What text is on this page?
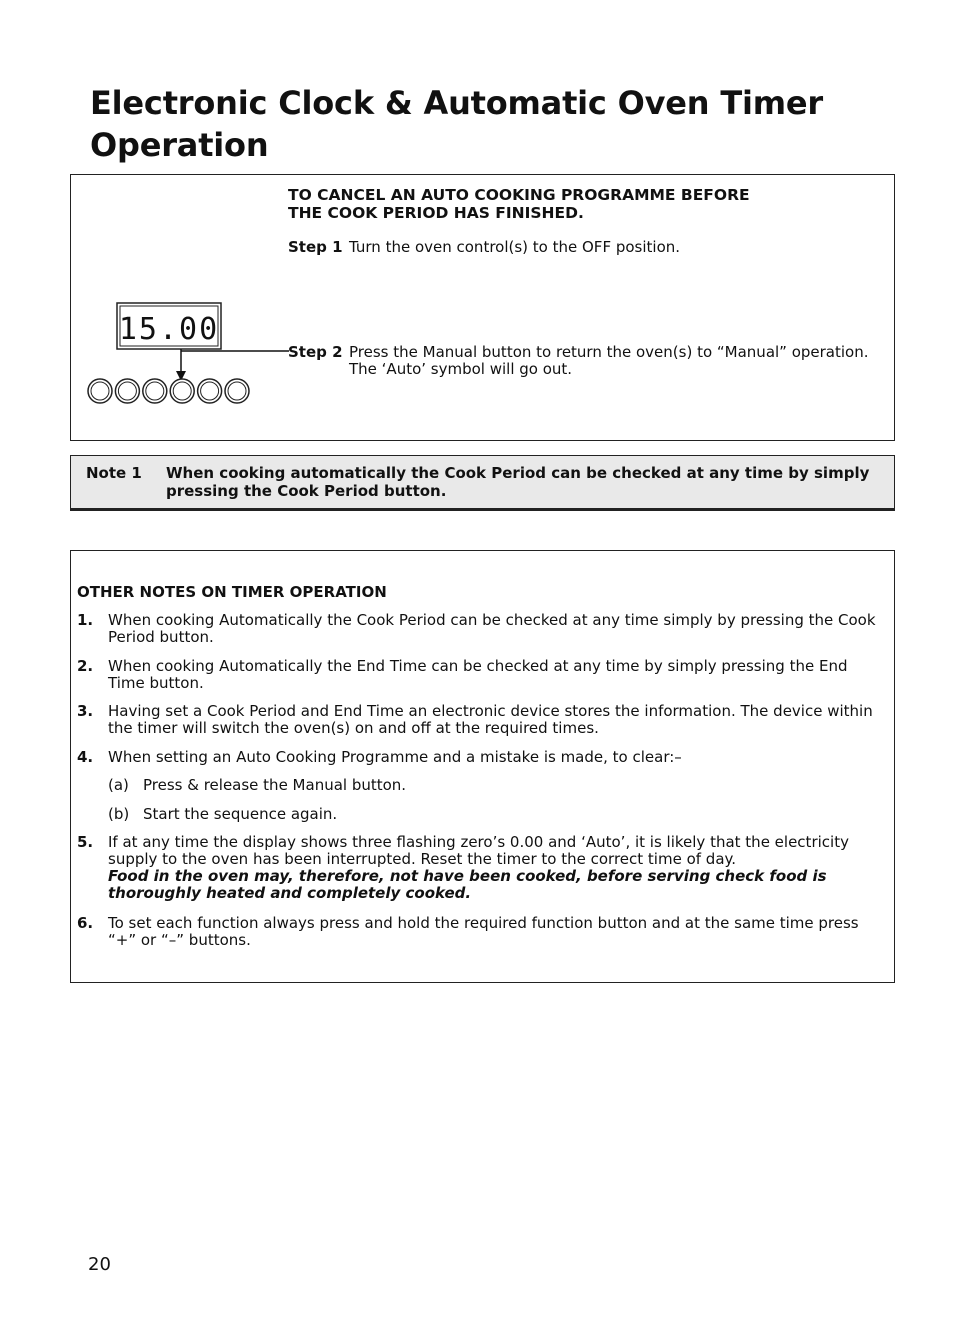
Electronic Clock & Automatic Oven Timer Operation
TO CANCEL AN AUTO COOKING PROGRAMME BEFORE
THE COOK PERIOD HAS FINISHED.
Step 1 Turn the oven control(s) to the OFF position.
Step 2 Press the Manual button to return the oven(s) to “Manual” operation. The ‘Auto’ symbol will go out.
15.00
Note 1 When cooking automatically the Cook Period can be checked at any time by simply pressing the Cook Period button.
OTHER NOTES ON TIMER OPERATION
1. When cooking Automatically the Cook Period can be checked at any time simply by pressing the Cook Period button.
2. When cooking Automatically the End Time can be checked at any time by simply pressing the End Time button.
3. Having set a Cook Period and End Time an electronic device stores the information. The device within the timer will switch the oven(s) on and off at the required times.
4. When setting an Auto Cooking Programme and a mistake is made, to clear:–
(a) Press & release the Manual button.
(b) Start the sequence again.
5. If at any time the display shows three flashing zero’s 0.00 and ‘Auto’, it is likely that the electricity supply to the oven has been interrupted. Reset the timer to the correct time of day.
Food in the oven may, therefore, not have been cooked, before serving check food is thoroughly heated and completely cooked.
6. To set each function always press and hold the required function button and at the same time press “+” or “–” buttons.
20
